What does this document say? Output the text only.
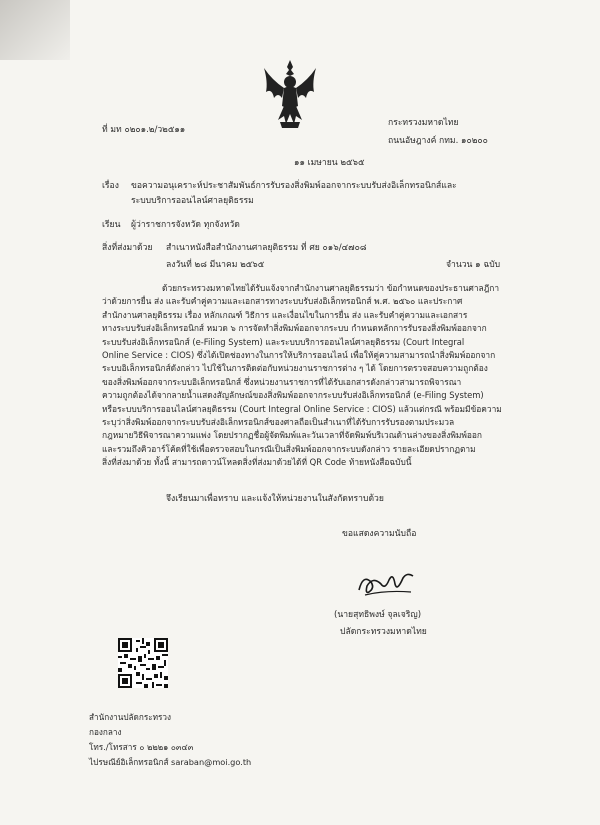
ที่ มท ๐๒๐๑.๒/ว๒๕๑๑
กระทรวงมหาดไทย
ถนนอัษฎางค์ กทม. ๑๐๒๐๐
๑๑ เมษายน ๒๕๖๕
เรื่อง ขอความอนุเคราะห์ประชาสัมพันธ์การรับรองสิ่งพิมพ์ออกจากระบบรับส่งอิเล็กทรอนิกส์และ
ระบบบริการออนไลน์ศาลยุติธรรม
เรียน ผู้ว่าราชการจังหวัด ทุกจังหวัด
สิ่งที่ส่งมาด้วย สำเนาหนังสือสำนักงานศาลยุติธรรม ที่ ศย ๐๑๖/๔๗๐๘
ลงวันที่ ๒๘ มีนาคม ๒๕๖๕	จำนวน ๑ ฉบับ
ด้วยกระทรวงมหาดไทยได้รับแจ้งจากสำนักงานศาลยุติธรรมว่า ข้อกำหนดของประธานศาลฎีกา
ว่าด้วยการยื่น ส่ง และรับคำคู่ความและเอกสารทางระบบรับส่งอิเล็กทรอนิกส์ พ.ศ. ๒๕๖๐ และประกาศ
สำนักงานศาลยุติธรรม เรื่อง หลักเกณฑ์ วิธีการ และเงื่อนไขในการยื่น ส่ง และรับคำคู่ความและเอกสาร
ทางระบบรับส่งอิเล็กทรอนิกส์ หมวด ๖ การจัดทำสิ่งพิมพ์ออกจากระบบ กำหนดหลักการรับรองสิ่งพิมพ์ออกจาก
ระบบรับส่งอิเล็กทรอนิกส์ (e-Filing System) และระบบบริการออนไลน์ศาลยุติธรรม (Court Integral
Online Service : CIOS) ซึ่งได้เปิดช่องทางในการให้บริการออนไลน์ เพื่อให้คู่ความสามารถนำสิ่งพิมพ์ออกจาก
ระบบอิเล็กทรอนิกส์ดังกล่าว ไปใช้ในการติดต่อกับหน่วยงานราชการต่าง ๆ ได้ โดยการตรวจสอบความถูกต้อง
ของสิ่งพิมพ์ออกจากระบบอิเล็กทรอนิกส์ ซึ่งหน่วยงานราชการที่ได้รับเอกสารดังกล่าวสามารถพิจารณา
ความถูกต้องได้จากลายน้ำแสดงสัญลักษณ์ของสิ่งพิมพ์ออกจากระบบรับส่งอิเล็กทรอนิกส์ (e-Filing System)
หรือระบบบริการออนไลน์ศาลยุติธรรม (Court Integral Online Service : CIOS) แล้วแต่กรณี พร้อมมีข้อความ
ระบุว่าสิ่งพิมพ์ออกจากระบบรับส่งอิเล็กทรอนิกส์ของศาลถือเป็นสำเนาที่ได้รับการรับรองตามประมวล
กฎหมายวิธีพิจารณาความแพ่ง โดยปรากฏชื่อผู้จัดพิมพ์และวันเวลาที่จัดพิมพ์บริเวณด้านล่างของสิ่งพิมพ์ออก
และรวมถึงคิวอาร์โค้ดที่ใช้เพื่อตรวจสอบในกรณีเป็นสิ่งพิมพ์ออกจากระบบดังกล่าว รายละเอียดปรากฏตาม
สิ่งที่ส่งมาด้วย ทั้งนี้ สามารถดาวน์โหลดสิ่งที่ส่งมาด้วยได้ที่ QR Code ท้ายหนังสือฉบับนี้
จึงเรียนมาเพื่อทราบ และแจ้งให้หน่วยงานในสังกัดทราบด้วย
ขอแสดงความนับถือ
(นายสุทธิพงษ์ จุลเจริญ)
ปลัดกระทรวงมหาดไทย
สำนักงานปลัดกระทรวง
กองกลาง
โทร./โทรสาร ๐ ๒๒๒๑ ๐๓๔๓
ไปรษณีย์อิเล็กทรอนิกส์ saraban@moi.go.th
